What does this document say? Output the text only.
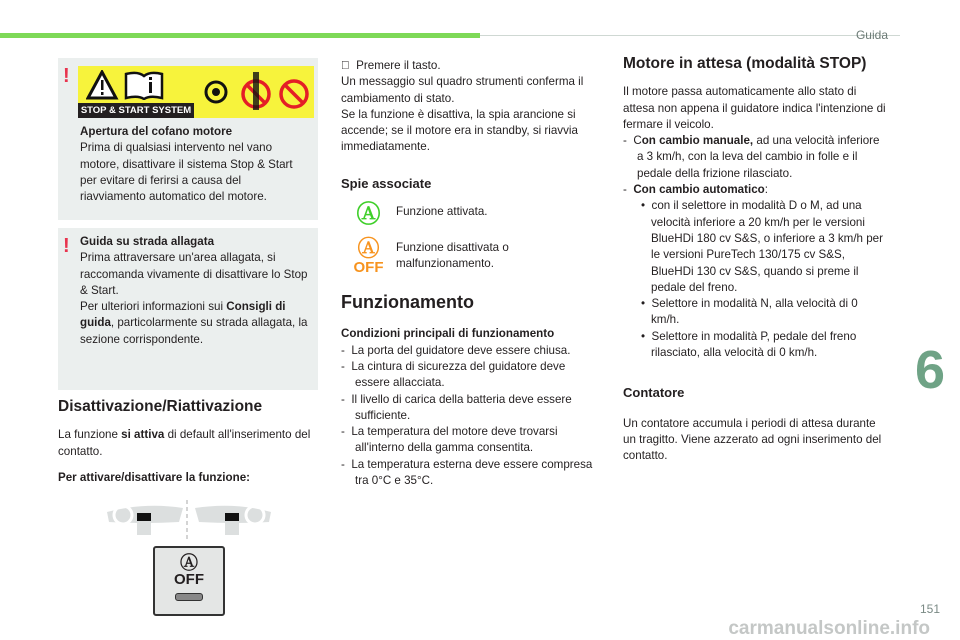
Guida
6
!
STOP & START SYSTEM

Apertura del cofano motore

Prima di qualsiasi intervento nel vano motore, disattivare il sistema Stop & Start per evitare di ferirsi a causa del riavviamento automatico del motore.

! Guida su strada allagata

Prima attraversare un'area allagata, si raccomanda vivamente di disattivare lo Stop & Start.

Per ulteriori informazioni sui Consigli di guida, particolarmente su strada allagata, la sezione corrispondente.

Disattivazione/Riattivazione

La funzione si attiva di default all'inserimento del contatto.

Per attivare/disattivare la funzione:

Ⓐ
OFF

Premere il tasto.

Un messaggio sul quadro strumenti conferma il cambiamento di stato.

Se la funzione è disattiva, la spia arancione si accende; se il motore era in standby, si riavvia immediatamente.

Spie associate
Ⓐ	Funzione attivata.
Ⓐ
OFF
Funzione disattivata o malfunzionamento.
Funzionamento

Condizioni principali di funzionamento

-  La porta del guidatore deve essere chiusa.

-  La cintura di sicurezza del guidatore deve essere allacciata.

-  Il livello di carica della batteria deve essere sufficiente.

-  La temperatura del motore deve trovarsi all'interno della gamma consentita.

-  La temperatura esterna deve essere compresa tra 0°C e 35°C.

Motore in attesa (modalità STOP)

Il motore passa automaticamente allo stato di attesa non appena il guidatore indica l'intenzione di fermare il veicolo.

-  Con cambio manuale, ad una velocità inferiore a 3 km/h, con la leva del cambio in folle e il pedale della frizione rilasciato.

-  Con cambio automatico:

•  con il selettore in modalità D o M, ad una velocità inferiore a 20 km/h per le versioni BlueHDi 180 cv S&S, o inferiore a 3 km/h per le versioni PureTech 130/175 cv S&S, BlueHDi 130 cv S&S, quando si preme il pedale del freno.

•  Selettore in modalità N, alla velocità di 0 km/h.

•  Selettore in modalità P, pedale del freno rilasciato, alla velocità di 0 km/h.

Contatore

Un contatore accumula i periodi di attesa durante un tragitto. Viene azzerato ad ogni inserimento del contatto.

151
carmanualsonline.info
